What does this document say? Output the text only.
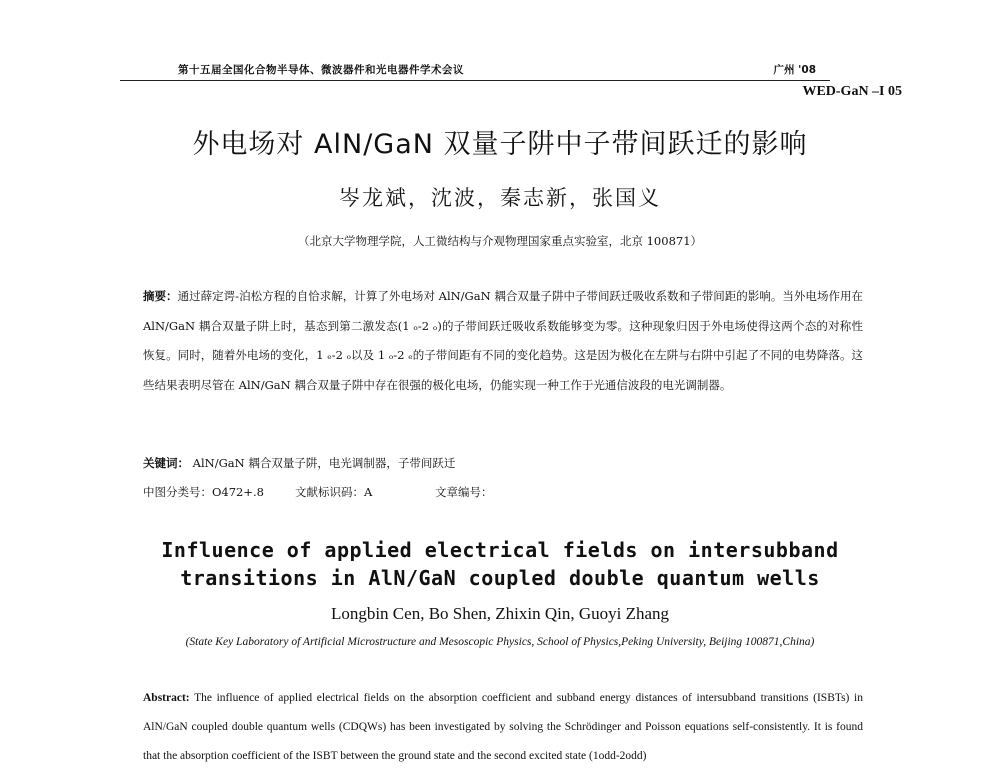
第十五届全国化合物半导体、微波器件和光电器件学术会议	广州 '08
WED-GaN –I 05
外电场对 AlN/GaN 双量子阱中子带间跃迁的影响
岑龙斌，沈波，秦志新，张国义
（北京大学物理学院，人工微结构与介观物理国家重点实验室，北京 100871）
摘要：通过薛定谔-泊松方程的自恰求解，计算了外电场对 AlN/GaN 耦合双量子阱中子带间跃迁吸收系数和子带间距的影响。当外电场作用在 AlN/GaN 耦合双量子阱上时，基态到第二激发态(1 ₒ-2 ₒ)的子带间跃迁吸收系数能够变为零。这种现象归因于外电场使得这两个态的对称性恢复。同时，随着外电场的变化，1 ₑ-2 ₒ以及 1 ₒ-2 ₑ的子带间距有不同的变化趋势。这是因为极化在左阱与右阱中引起了不同的电势降落。这些结果表明尽管在 AlN/GaN 耦合双量子阱中存在很强的极化电场，仍能实现一种工作于光通信波段的电光调制器。
关键词： AlN/GaN 耦合双量子阱，电光调制器，子带间跃迁
中图分类号：O472+.8	文献标识码：A	文章编号：
Influence of applied electrical fields on intersubband
transitions in AlN/GaN coupled double quantum wells
Longbin Cen, Bo Shen, Zhixin Qin, Guoyi Zhang
(State Key Laboratory of Artificial Microstructure and Mesoscopic Physics, School of Physics,Peking University, Beijing 100871,China)
Abstract: The influence of applied electrical fields on the absorption coefficient and subband energy distances of intersubband transitions (ISBTs) in AlN/GaN coupled double quantum wells (CDQWs) has been investigated by solving the Schrödinger and Poisson equations self-consistently. It is found that the absorption coefficient of the ISBT between the ground state and the second excited state (1odd-2odd)
